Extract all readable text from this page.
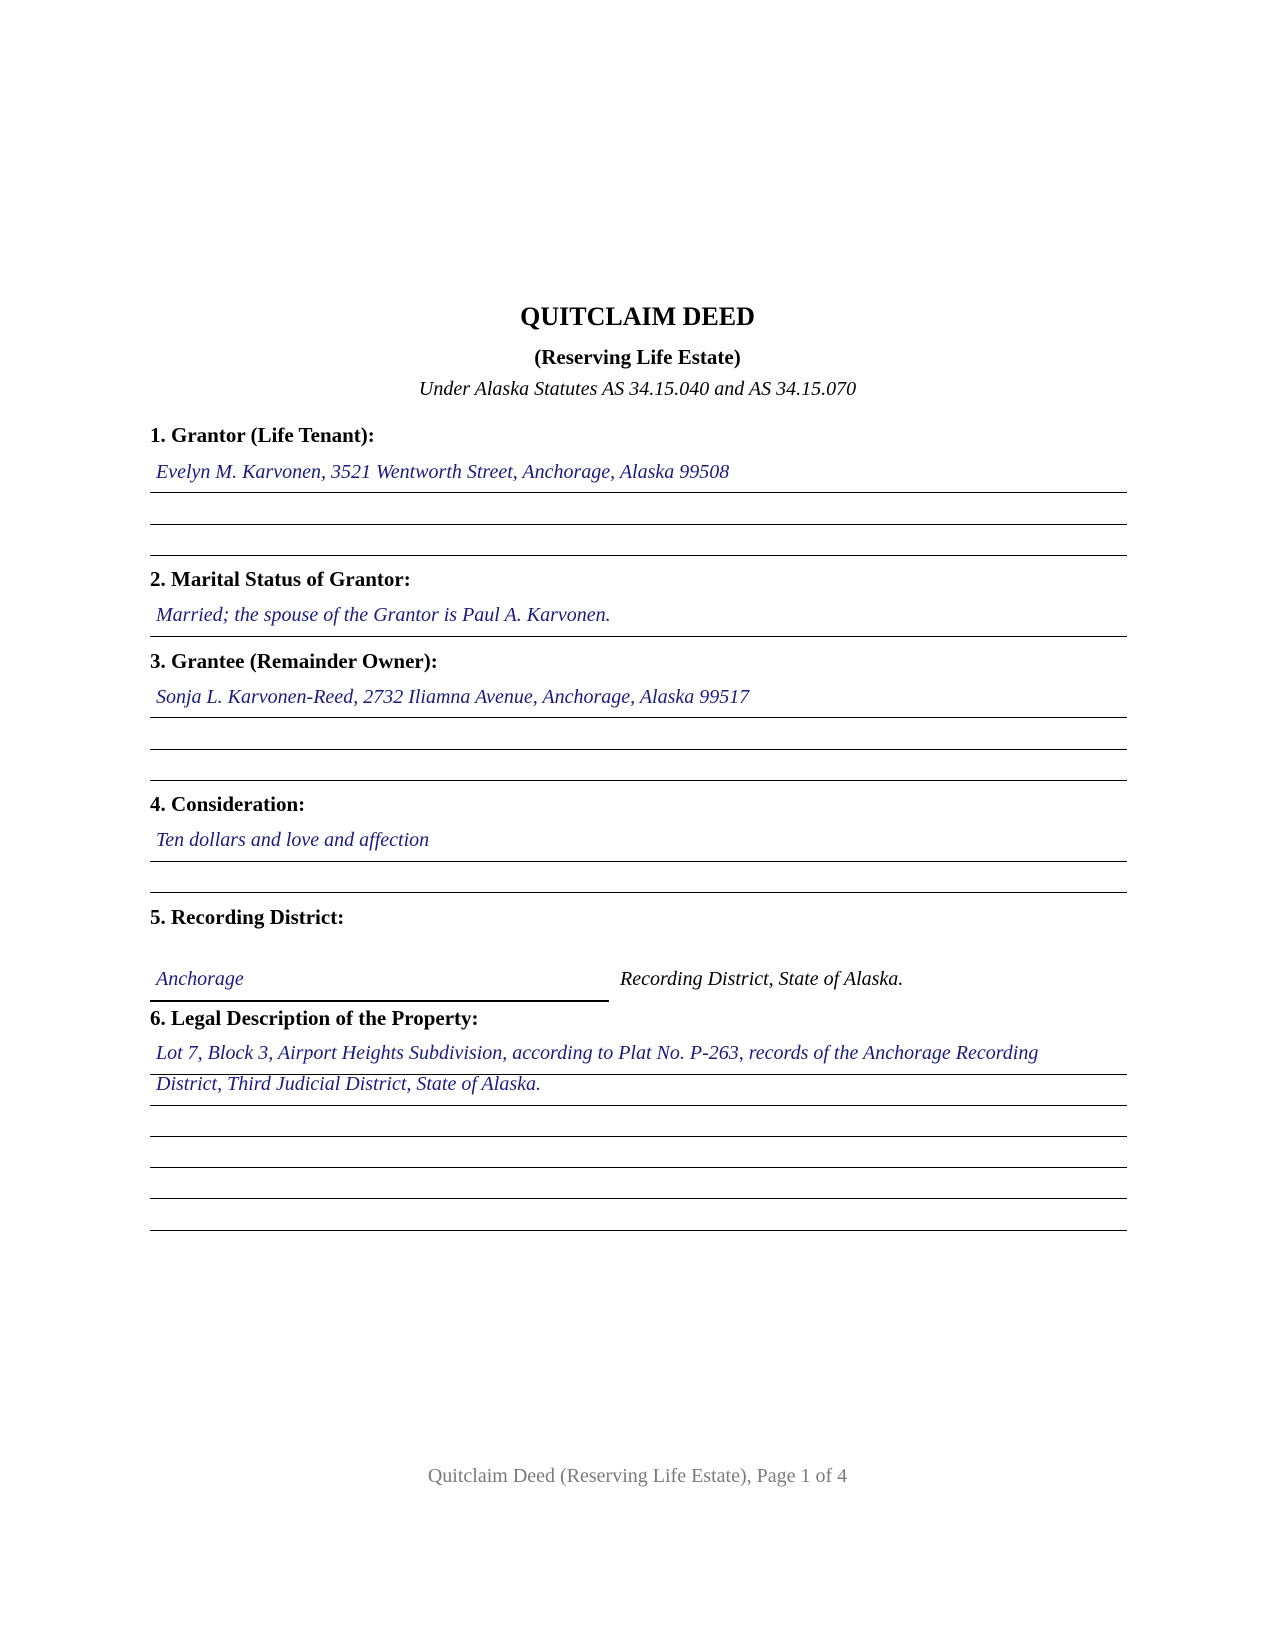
QUITCLAIM DEED
(Reserving Life Estate)
Under Alaska Statutes AS 34.15.040 and AS 34.15.070
1. Grantor (Life Tenant):
Evelyn M. Karvonen, 3521 Wentworth Street, Anchorage, Alaska 99508
2. Marital Status of Grantor:
Married; the spouse of the Grantor is Paul A. Karvonen.
3. Grantee (Remainder Owner):
Sonja L. Karvonen-Reed, 2732 Iliamna Avenue, Anchorage, Alaska 99517
4. Consideration:
Ten dollars and love and affection
5. Recording District:
Anchorage	Recording District, State of Alaska.
6. Legal Description of the Property:
Lot 7, Block 3, Airport Heights Subdivision, according to Plat No. P-263, records of the Anchorage Recording
District, Third Judicial District, State of Alaska.
Quitclaim Deed (Reserving Life Estate), Page 1 of 4
